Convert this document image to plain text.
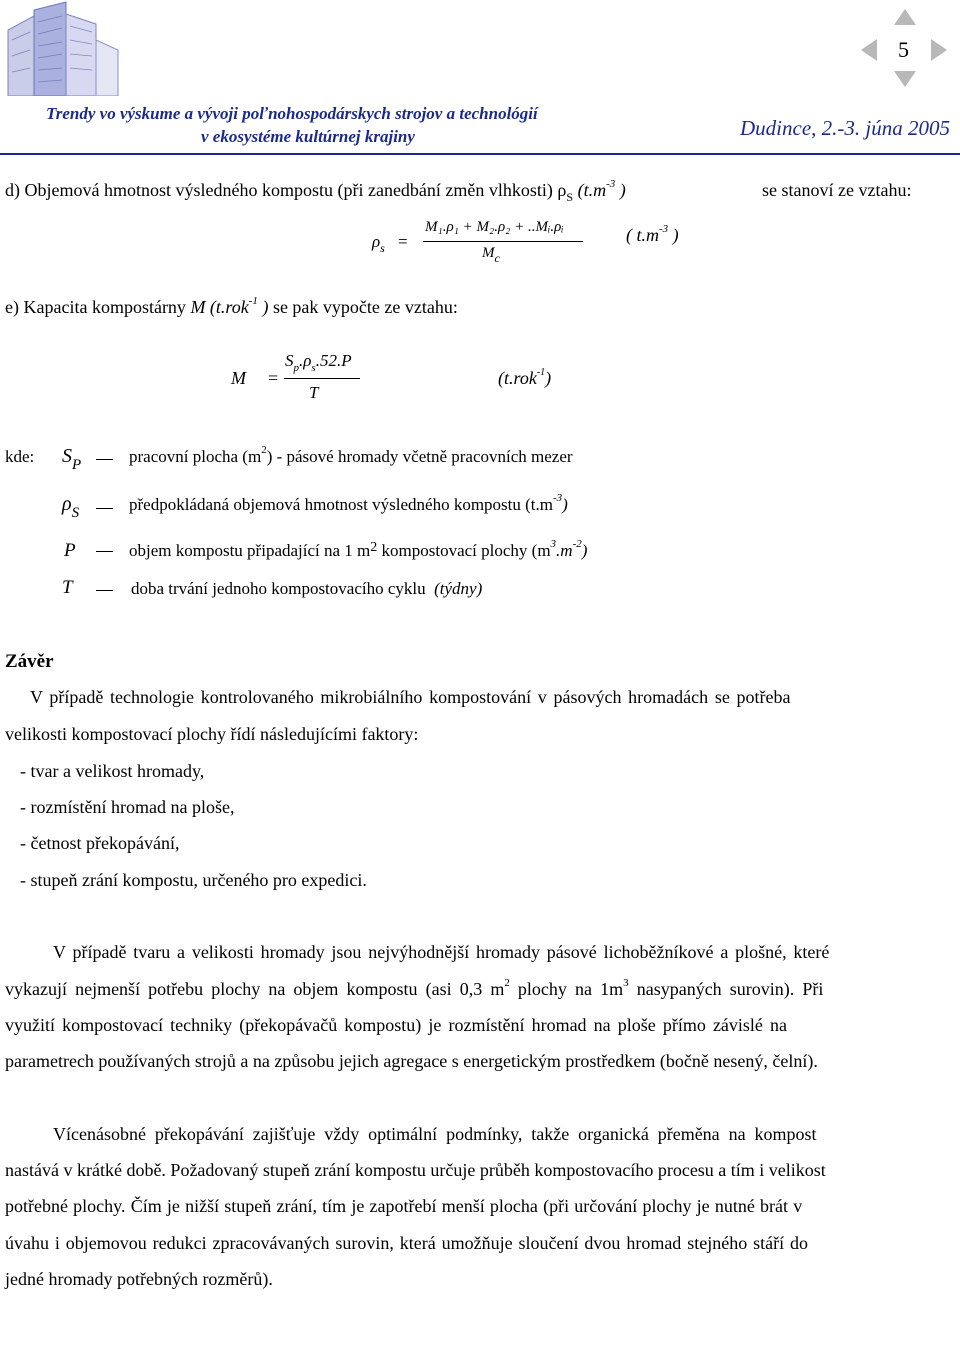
Trendy vo výskume a vývoji poľnohospodárskych strojov a technológií
v ekosystéme kultúrnej krajiny	Dudince, 2.-3. júna 2005
5
d) Objemová hmotnost výsledného kompostu (při zanedbání změn vlhkosti) $\rho_S$ ($t.m^{-3}$ )	se stanoví ze vztahu:
$\rho_s$ =
M₁.ρ₁ + M₂.ρ₂ + ..Mᵢ.ρᵢ
$M_c$
( $t.m^{-3}$ )
e) Kapacita kompostárny M (t.rok$^{-1}$ ) se pak vypočte ze vztahu:
M =
$S_p.\rho_s.52.P$
T
(t.rok$^{-1}$)
kde: $S_P$	pracovní plocha $(m^2)$ - pásové hromady včetně pracovních mezer
$\rho_S$	předpokládaná objemová hmotnost výsledného kompostu $(t.m^{-3})$
P	objem kompostu připadající na 1 $m^2$ kompostovací plochy $(m^3.m^{-2})$
T	doba trvání jednoho kompostovacího cyklu (týdny)
Závěr
V případě technologie kontrolovaného mikrobiálního kompostování v pásových hromadách se potřeba
velikosti kompostovací plochy řídí následujícími faktory:
- tvar a velikost hromady,
- rozmístění hromad na ploše,
- četnost překopávání,
- stupeň zrání kompostu, určeného pro expedici.
V případě tvaru a velikosti hromady jsou nejvýhodnější hromady pásové lichoběžníkové a plošné, které
vykazují nejmenší potřebu plochy na objem kompostu (asi 0,3 $m^2$ plochy na $1m^3$ nasypaných surovin). Při
využití kompostovací techniky (překopávačů kompostu) je rozmístění hromad na ploše přímo závislé na
parametrech používaných strojů a na způsobu jejich agregace s energetickým prostředkem (bočně nesený, čelní).
Vícenásobné překopávání zajišťuje vždy optimální podmínky, takže organická přeměna na kompost
nastává v krátké době. Požadovaný stupeň zrání kompostu určuje průběh kompostovacího procesu a tím i velikost
potřebné plochy. Čím je nižší stupeň zrání, tím je zapotřebí menší plocha (při určování plochy je nutné brát v
úvahu i objemovou redukci zpracovávaných surovin, která umožňuje sloučení dvou hromad stejného stáří do
jedné hromady potřebných rozměrů).
